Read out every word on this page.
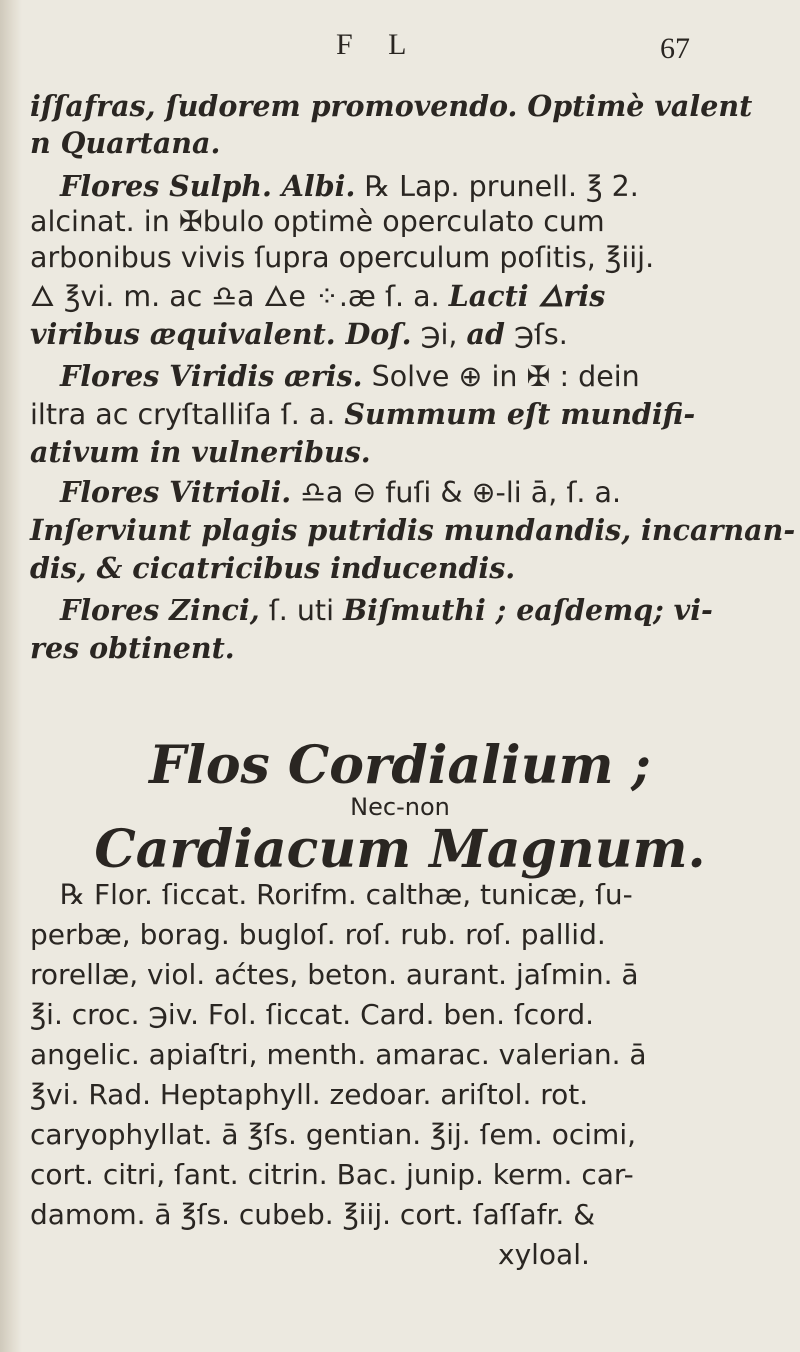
F L	67
iſſafras, ſudorem promovendo. Optimè valent
n Quartana.
Flores Sulph. Albi. ℞ Lap. prunell. ℥ 2.
alcinat. in ✠bulo optimè operculato cum
arbonibus vivis ſupra operculum poſitis, ℥iij.
🜂 ℥vi. m. ac ♎a 🜂e ⁘.æ ſ. a. Lacti 🜂ris
viribus æquivalent. Doſ. ℈i, ad ℈ſs.
Flores Viridis æris. Solve ⊕ in ✠ : dein
iltra ac cryſtalliſa ſ. a. Summum eſt mundifi-
ativum in vulneribus.
Flores Vitrioli. ♎a ⊖ fuſi & ⊕-li ā, ſ. a.
Inſerviunt plagis putridis mundandis, incarnan-
dis, & cicatricibus inducendis.
Flores Zinci, ſ. uti Biſmuthi ; eaſdemq; vi-
res obtinent.
Flos Cordialium ;
Nec-non
Cardiacum Magnum.
℞ Flor. ſiccat. Rorifm. calthæ, tunicæ, ſu-
perbæ, borag. bugloſ. roſ. rub. roſ. pallid.
rorellæ, viol. aćtes, beton. aurant. jaſmin. ā
℥i. croc. ℈iv. Fol. ſiccat. Card. ben. ſcord.
angelic. apiaſtri, menth. amarac. valerian. ā
℥vi. Rad. Heptaphyll. zedoar. ariſtol. rot.
caryophyllat. ā ℥ſs. gentian. ℥ij. ſem. ocimi,
cort. citri, ſant. citrin. Bac. junip. kerm. car-
damom. ā ℥ſs. cubeb. ℥iij. cort. ſaſſafr. &
xyloal.
